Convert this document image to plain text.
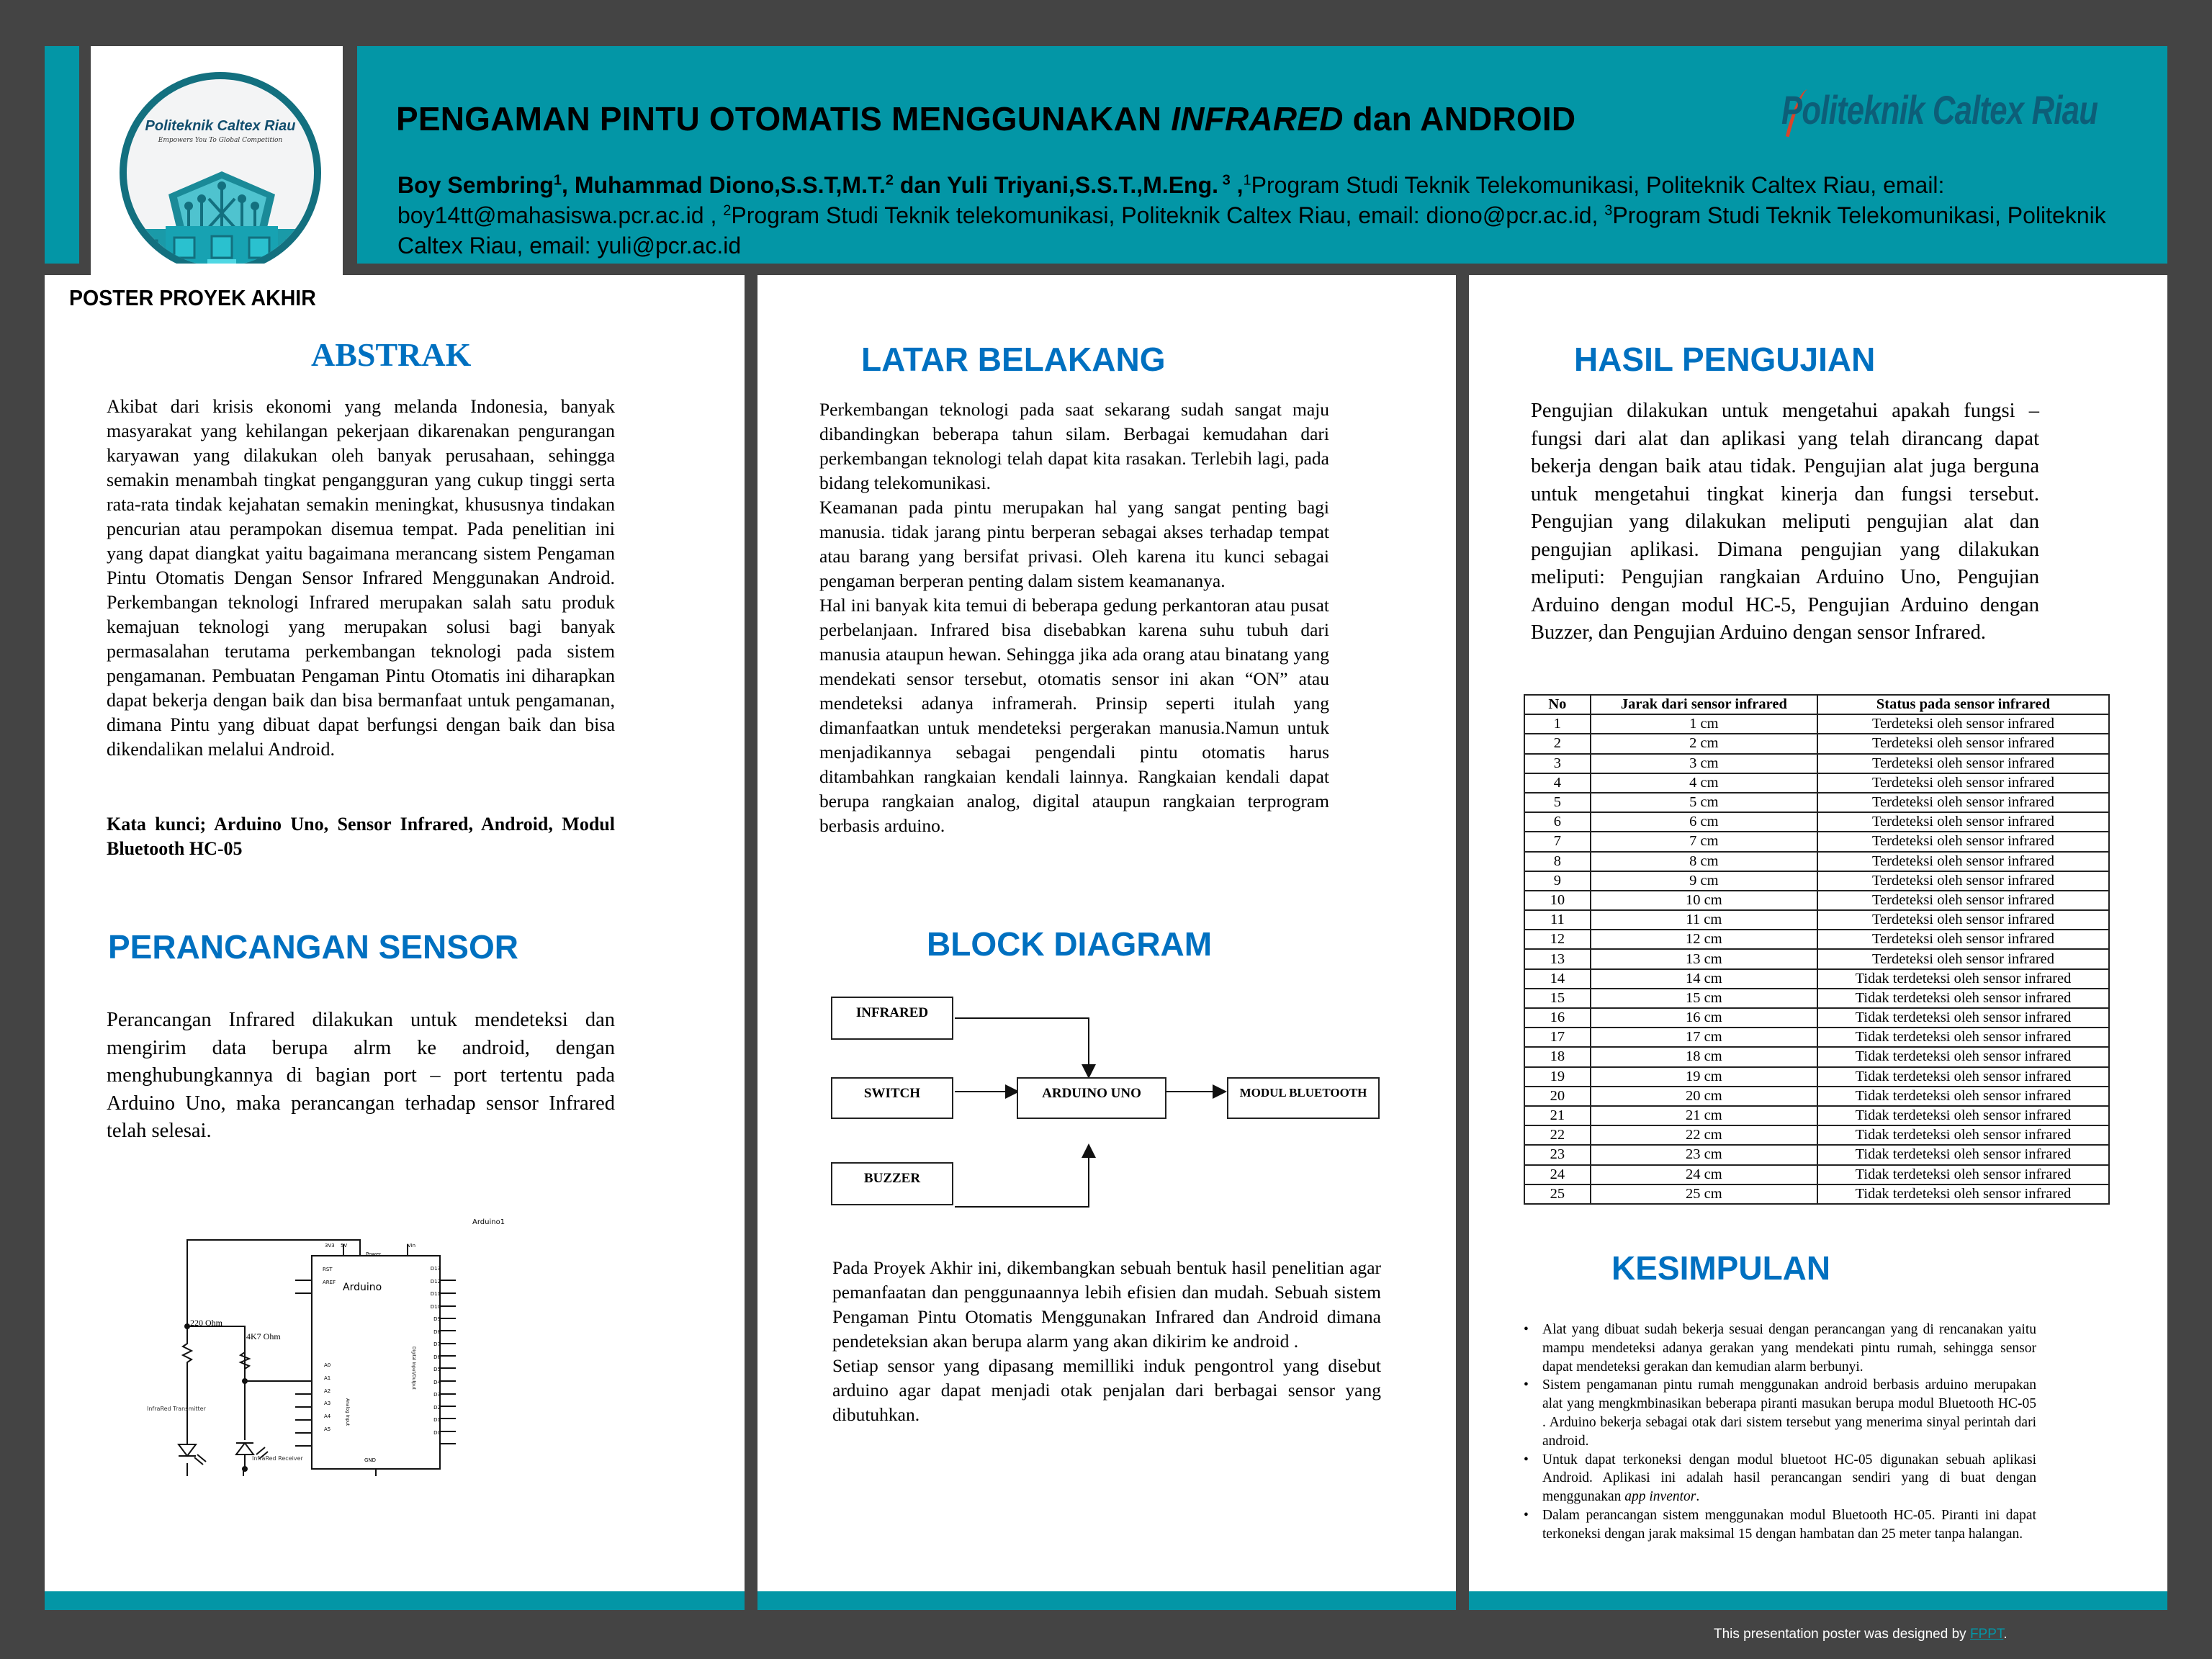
Politeknik Caltex Riau
Empowers You To Global Competition
PENGAMAN PINTU OTOMATIS MENGGUNAKAN INFRARED dan ANDROID	Politeknik Caltex Riau
Boy Sembring$^1$, Muhammad Diono,S.S.T,M.T.$^2$ dan Yuli Triyani,S.S.T.,M.Eng. $^3$ ,$^1$Program Studi Teknik Telekomunikasi, Politeknik Caltex Riau, email: boy14tt@mahasiswa.pcr.ac.id , $^2$Program Studi Teknik telekomunikasi, Politeknik Caltex Riau, email: diono@pcr.ac.id, $^3$Program Studi Teknik Telekomunikasi, Politeknik Caltex Riau, email: yuli@pcr.ac.id
POSTER PROYEK AKHIR
ABSTRAK
Akibat dari krisis ekonomi yang melanda Indonesia, banyak masyarakat yang kehilangan pekerjaan dikarenakan pengurangan karyawan yang dilakukan oleh banyak perusahaan, sehingga semakin menambah tingkat pengangguran yang cukup tinggi serta rata-rata tindak kejahatan semakin meningkat, khususnya tindakan pencurian atau perampokan disemua tempat. Pada penelitian ini yang dapat diangkat yaitu bagaimana merancang sistem Pengaman Pintu Otomatis Dengan Sensor Infrared Menggunakan Android. Perkembangan teknologi Infrared merupakan salah satu produk kemajuan teknologi yang merupakan solusi bagi banyak permasalahan terutama perkembangan teknologi pada sistem pengamanan. Pembuatan Pengaman Pintu Otomatis ini diharapkan dapat bekerja dengan baik dan bisa bermanfaat untuk pengamanan, dimana Pintu yang dibuat dapat berfungsi dengan baik dan bisa dikendalikan melalui Android.
Kata kunci; Arduino Uno, Sensor Infrared, Android, Modul Bluetooth HC-05
PERANCANGAN SENSOR
Perancangan Infrared dilakukan untuk mendeteksi dan mengirim data berupa alrm ke android, dengan menghubungkannya di bagian port – port tertentu pada Arduino Uno, maka perancangan terhadap sensor Infrared telah selesai.
Arduino1
Arduino
3V3 5V	Vin
Power
RST
AREF
A0
A1
A2
A3
A4
A5
D13
D12
D11
D10
D9
D8
D7
D6
D5
D4
D3
D2
D1
D0
Digital Input/Output
Analog Input
GND
220 Ohm
4K7 Ohm
InfraRed Transmitter
InfraRed Receiver
LATAR BELAKANG
Perkembangan teknologi pada saat sekarang sudah sangat maju dibandingkan beberapa tahun silam. Berbagai kemudahan dari perkembangan teknologi telah dapat kita rasakan. Terlebih lagi, pada bidang telekomunikasi.
Keamanan pada pintu merupakan hal yang sangat penting bagi manusia. tidak jarang pintu berperan sebagai akses terhadap tempat atau barang yang bersifat privasi. Oleh karena itu kunci sebagai pengaman berperan penting dalam sistem keamananya.
Hal ini banyak kita temui di beberapa gedung perkantoran atau pusat perbelanjaan. Infrared bisa disebabkan karena suhu tubuh dari manusia ataupun hewan. Sehingga jika ada orang atau binatang yang mendekati sensor tersebut, otomatis sensor ini akan “ON” atau mendeteksi adanya inframerah. Prinsip seperti itulah yang dimanfaatkan untuk mendeteksi pergerakan manusia.Namun untuk menjadikannya sebagai pengendali pintu otomatis harus ditambahkan rangkaian kendali lainnya. Rangkaian kendali dapat berupa rangkaian analog, digital ataupun rangkaian terprogram berbasis arduino.
BLOCK DIAGRAM
INFRARED
SWITCH
BUZZER
ARDUINO UNO	MODUL BLUETOOTH
Pada Proyek Akhir ini, dikembangkan sebuah bentuk hasil penelitian agar pemanfaatan dan penggunaannya lebih efisien dan mudah. Sebuah sistem Pengaman Pintu Otomatis Menggunakan Infrared dan Android dimana pendeteksian akan berupa alarm yang akan dikirim ke android .
Setiap sensor yang dipasang memilliki induk pengontrol yang disebut arduino agar dapat menjadi otak penjalan dari berbagai sensor yang dibutuhkan.
HASIL PENGUJIAN
Pengujian dilakukan untuk mengetahui apakah fungsi – fungsi dari alat dan aplikasi yang telah dirancang dapat bekerja dengan baik atau tidak. Pengujian alat juga berguna untuk mengetahui tingkat kinerja dan fungsi tersebut. Pengujian yang dilakukan meliputi pengujian alat dan pengujian aplikasi. Dimana pengujian yang dilakukan meliputi: Pengujian rangkaian Arduino Uno, Pengujian Arduino dengan modul HC-5, Pengujian Arduino dengan Buzzer, dan Pengujian Arduino dengan sensor Infrared.
No	Jarak dari sensor infrared	Status pada sensor infrared
1	1 cm	Terdeteksi oleh sensor infrared
2	2 cm	Terdeteksi oleh sensor infrared
3	3 cm	Terdeteksi oleh sensor infrared
4	4 cm	Terdeteksi oleh sensor infrared
5	5 cm	Terdeteksi oleh sensor infrared
6	6 cm	Terdeteksi oleh sensor infrared
7	7 cm	Terdeteksi oleh sensor infrared
8	8 cm	Terdeteksi oleh sensor infrared
9	9 cm	Terdeteksi oleh sensor infrared
10	10 cm	Terdeteksi oleh sensor infrared
11	11 cm	Terdeteksi oleh sensor infrared
12	12 cm	Terdeteksi oleh sensor infrared
13	13 cm	Terdeteksi oleh sensor infrared
14	14 cm	Tidak terdeteksi oleh sensor infrared
15	15 cm	Tidak terdeteksi oleh sensor infrared
16	16 cm	Tidak terdeteksi oleh sensor infrared
17	17 cm	Tidak terdeteksi oleh sensor infrared
18	18 cm	Tidak terdeteksi oleh sensor infrared
19	19 cm	Tidak terdeteksi oleh sensor infrared
20	20 cm	Tidak terdeteksi oleh sensor infrared
21	21 cm	Tidak terdeteksi oleh sensor infrared
22	22 cm	Tidak terdeteksi oleh sensor infrared
23	23 cm	Tidak terdeteksi oleh sensor infrared
24	24 cm	Tidak terdeteksi oleh sensor infrared
25	25 cm	Tidak terdeteksi oleh sensor infrared
KESIMPULAN
• Alat yang dibuat sudah bekerja sesuai dengan perancangan yang di rencanakan yaitu mampu mendeteksi adanya gerakan yang mendekati pintu rumah, sehingga sensor dapat mendeteksi gerakan dan kemudian alarm berbunyi.
• Sistem pengamanan pintu rumah menggunakan android berbasis arduino merupakan alat yang mengkmbinasikan beberapa piranti masukan berupa modul Bluetooth HC-05 . Arduino bekerja sebagai otak dari sistem tersebut yang menerima sinyal perintah dari android.
• Untuk dapat terkoneksi dengan modul bluetoot HC-05 digunakan sebuah aplikasi Android. Aplikasi ini adalah hasil perancangan sendiri yang di buat dengan menggunakan app inventor.
• Dalam perancangan sistem menggunakan modul Bluetooth HC-05. Piranti ini dapat terkoneksi dengan jarak maksimal 15 dengan hambatan dan 25 meter tanpa halangan.
This presentation poster was designed by FPPT.
